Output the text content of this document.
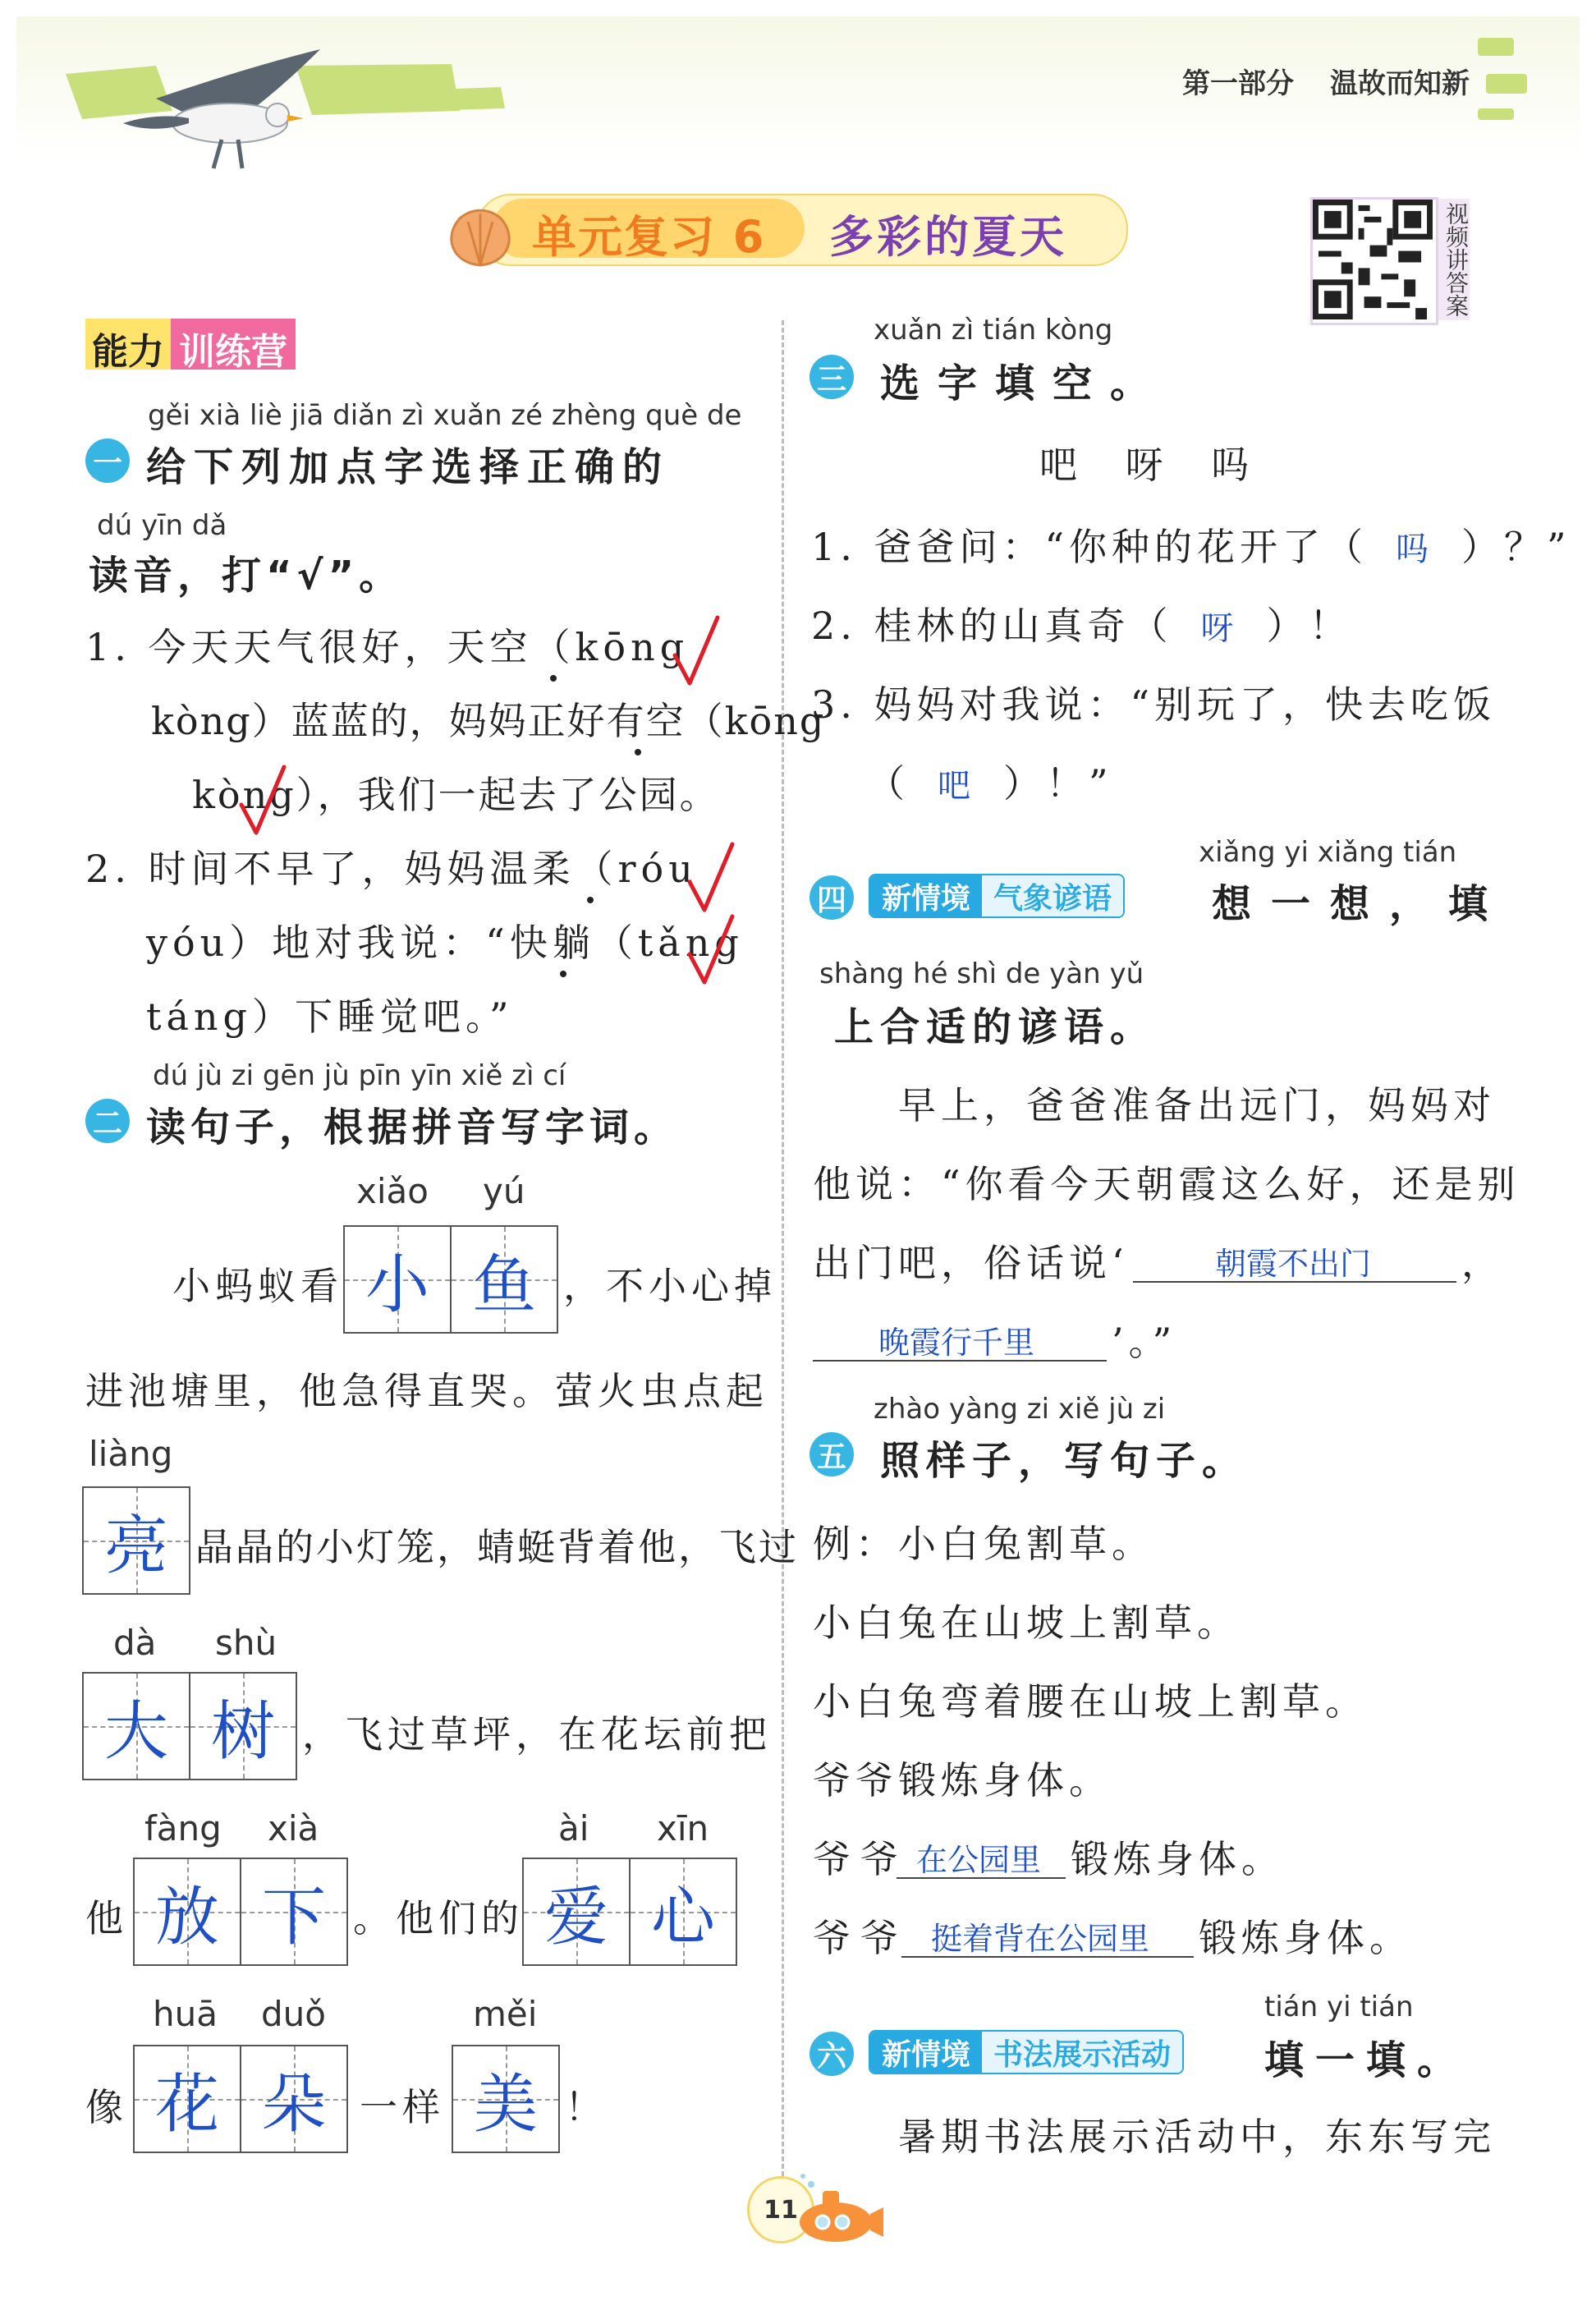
第一部分 温故而知新
单元复习 6 多彩的夏天	视频讲答案
能力 训练营
gěi xià liè jiā diǎn zì xuǎn zé zhèng què de
一 给下列加点字选择正确的
dú yīn dǎ
读音，打“√”。
1. 今天天气很好，天空（kōng
kòng）蓝蓝的，妈妈正好有空（kōng
kòng），我们一起去了公园。
2. 时间不早了，妈妈温柔（róu
yóu）地对我说：“快躺（tǎng
táng）下睡觉吧。”
dú jù zi gēn jù pīn yīn xiě zì cí
二 读句子，根据拼音写字词。
xiǎo yú
小蚂蚁看 小 鱼 ，不小心掉
进池塘里，他急得直哭。萤火虫点起
liàng
亮 晶晶的小灯笼，蜻蜓背着他，飞过
dà shù
大 树 ，飞过草坪，在花坛前把
fàng xià	ài xīn
他 放 下 。他们的 爱 心
huā duǒ	měi
像 花 朵 一样 美 ！
xuǎn zì tián kòng
三 选字填空。
吧 呀 吗
1. 爸爸问：“你种的花开了（ 吗 ）？”
2. 桂林的山真奇（ 呀 ）！
3. 妈妈对我说：“别玩了，快去吃饭
（ 吧 ）！”
xiǎng yi xiǎng tián
四	新情境 气象谚语	想一想，填
shàng hé shì de yàn yǔ
上合适的谚语。
早上，爸爸准备出远门，妈妈对
他说：“你看今天朝霞这么好，还是别
出门吧，俗话说‘	朝霞不出门 ，
晚霞行千里 ’。”
zhào yàng zi xiě jù zi
五 照样子，写句子。
例：小白兔割草。
小白兔在山坡上割草。
小白兔弯着腰在山坡上割草。
爷爷锻炼身体。
爷爷 在公园里 锻炼身体。
爷爷 挺着背在公园里 锻炼身体。
tián yi tián
六	新情境 书法展示活动 填一填。
暑期书法展示活动中，东东写完
11
